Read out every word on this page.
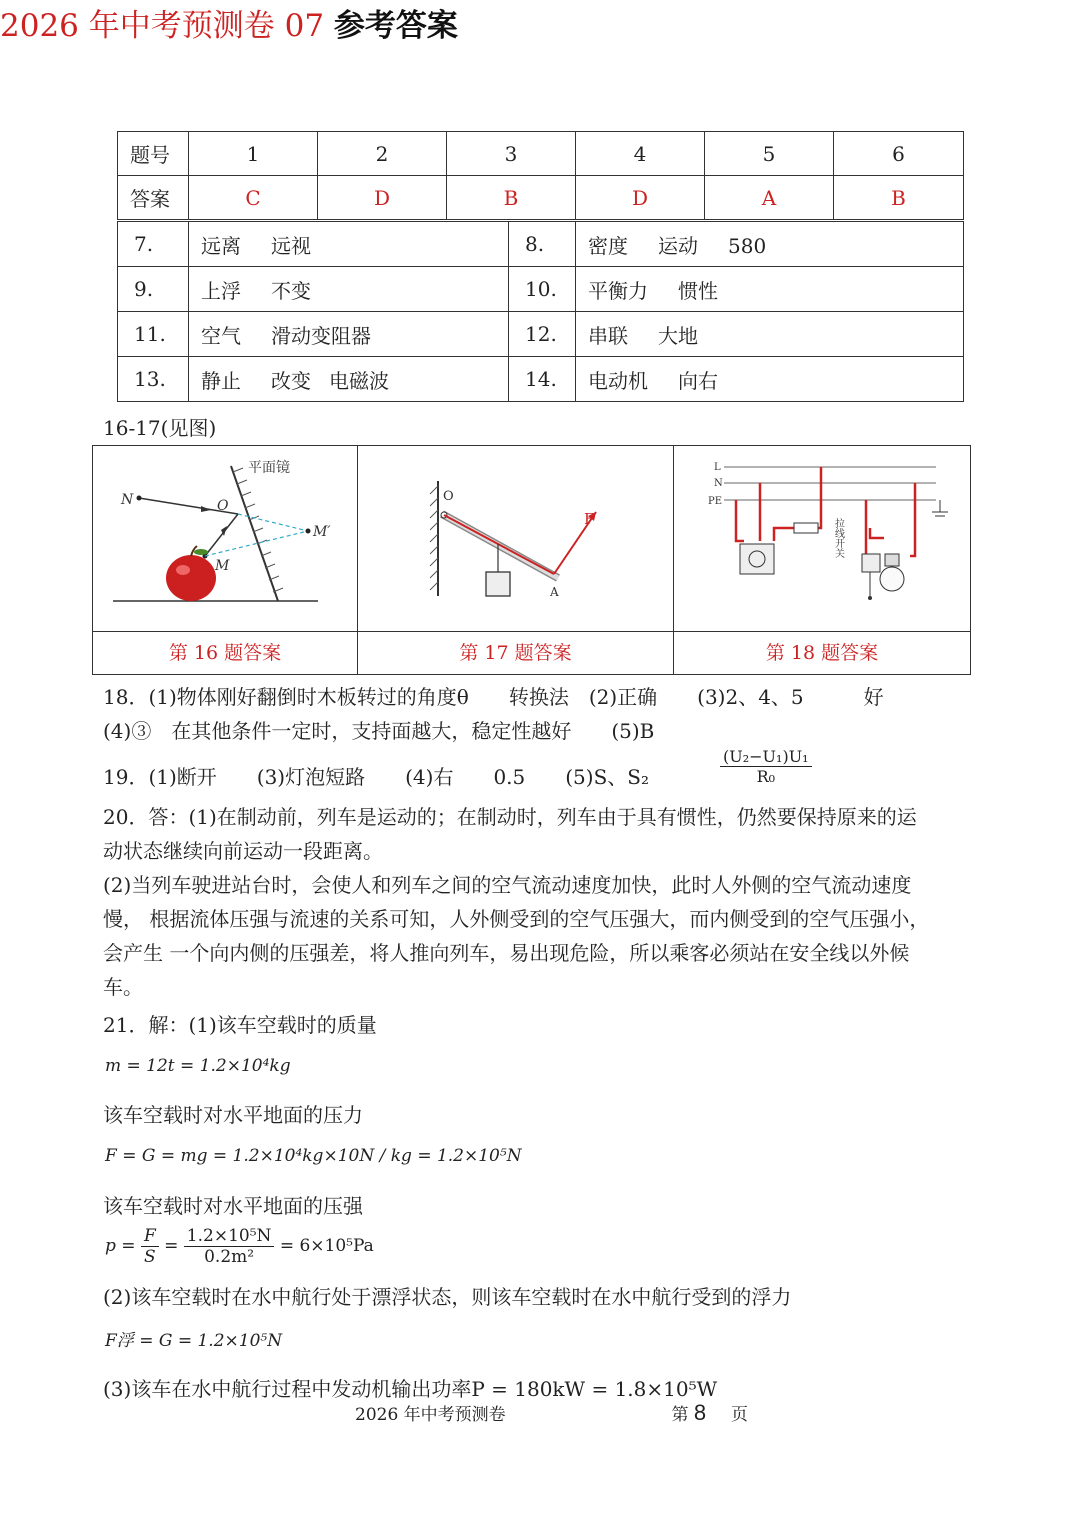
2026 年中考预测卷 07 参考答案
题号	1	2	3	4	5	6
答案	C	D	B	D	A	B
7.	远离 远视	8.	密度 运动 580
9.	上浮 不变	10.	平衡力 惯性
11.	空气 滑动变阻器	12.	串联 大地
13.	静止 改变 电磁波	14.	电动机 向右
16-17(见图)
平面镜
N	O
M
M′
O
F
A
L
N
PE
拉线开关
第 16 题答案	第 17 题答案	第 18 题答案
18．(1)物体刚好翻倒时木板转过的角度θ　　转换法　(2)正确　　(3)2、4、5　　　好
(4)③　在其他条件一定时，支持面越大，稳定性越好　　(5)B
19．(1)断开　　(3)灯泡短路　　(4)右　　0.5　　(5)S、S₂	$\frac{\text{(U₂−U₁)U₁}}{\text{R₀}}$
20．答：(1)在制动前，列车是运动的；在制动时，列车由于具有惯性，仍然要保持原来的运
动状态继续向前运动一段距离。
(2)当列车驶进站台时，会使人和列车之间的空气流动速度加快，此时人外侧的空气流动速度
慢， 根据流体压强与流速的关系可知，人外侧受到的空气压强大，而内侧受到的空气压强小，
会产生 一个向内侧的压强差，将人推向列车，易出现危险，所以乘客必须站在安全线以外候
车。
21．解：(1)该车空载时的质量
m = 12t = 1.2×10⁴kg
该车空载时对水平地面的压力
F = G = mg = 1.2×10⁴kg×10N / kg = 1.2×10⁵N
该车空载时对水平地面的压强
$p = \frac{F}{S} = \frac{\text{1.2×10⁵N}}{\text{0.2m²}} = 6\times 10^5Pa$
(2)该车空载时在水中航行处于漂浮状态，则该车空载时在水中航行受到的浮力
F浮 = G = 1.2×10⁵N
(3)该车在水中航行过程中发动机输出功率P = 180kW = 1.8×10⁵W
2026 年中考预测卷	第 8 页
